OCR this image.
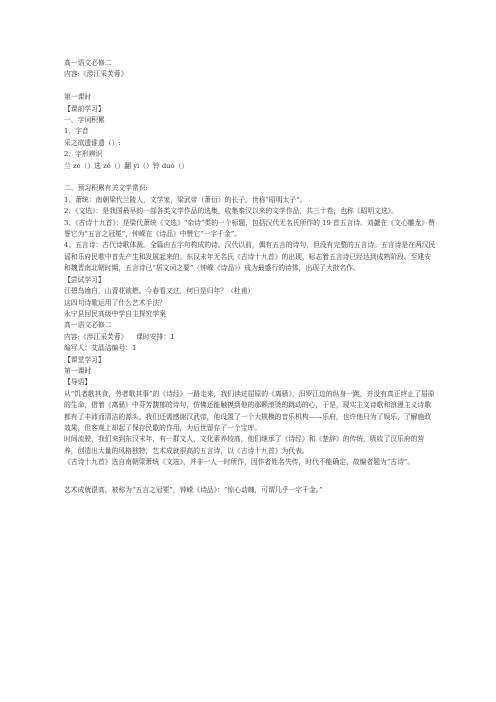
高一语文必修二
内容:《涉江采芙蓉》
第一课时
【课前学习】
一、字词积累
1、字音
采之欲遗谁遗（）:
2、字形辨识
兰 zé（）选 zé（）翻 yì（）铃 duó（）
二、预习积累有关文学常识:
1、萧统：南朝梁代兰陵人，文学家，梁武帝（萧衍）的长子。世称“昭明太子”。
2、《文选》：是我国最早的一部各类文学作品的选集，收集秦汉以来的文学作品，共三十卷，也称《昭明文选》。
3、《古诗十九首》：是梁代萧统《文选》“杂诗”类的一个标题，包括汉代无名氏所作的 19 首五言诗。刘勰在《文心雕龙》赞誉它为“五言之冠冕”，钟嵘在《诗品》中赞它“一字千金”。
4、五言诗：古代诗歌体裁。全篇由五字句构成的诗。汉代以前，偶有五言的诗句，但没有完整的五言诗。五言诗是在两汉民谣和乐府民歌中首先产生和发展起来的。东汉末年无名氏《古诗十九首》的出现，标志着五言诗已经达到成熟阶段。至建安和魏晋南北朝时期，五言诗已“居文词之要”（钟嵘《诗品》）成为最盛行的诗体，出现了大批名作。
【尝试学习】
江碧鸟逾白，山青花欲燃。今春看又过，何日是归年？（杜甫）
这四句诗歌运用了什么艺术手法？
永宁县回民高级中学自主探究学案
高一语文必修二
内容:《涉江采芙蓉》    课时安排：1
编写人：艾晶洁编号：1
【课堂学习】
第一课时
【导语】
从“饥者歌其食，劳者歌其事”的《诗经》一路走来，我们读过屈原的《离骚》，汨罗江边的纵身一跳，并没有真正终止了屈原的生命，借着《离骚》中芬芳馥郁的诗句，仿佛还能触摸到他的那颗滚烫的跳动的心，于是，现实主义诗歌和浪漫主义诗歌都有了丰沛而清洁的源头。我们还需感谢汉武帝，他设置了一个大规模的音乐机构——乐府，也许他只为了娱乐，了解施政效果，但客观上却起了保存民歌的作用，为后世留存了一个宝库。
时间流驶，我们来到东汉末年，有一群文人，文化素养较高，他们继承了《诗经》和《楚辞》的传统，吸收了汉乐府的营养，创造出大量的风格独特，艺术成就很高的五言诗，以《古诗十九首》为代表。
《古诗十九首》选自南朝梁萧统《文选》，并非一人一时所作，因作者姓名失传，时代不能确定，故编者题为“古诗”。
艺术成就很高，被称为“五言之冠冕”，钟嵘《诗品》：“惊心动魄，可谓几乎一字千金。”
